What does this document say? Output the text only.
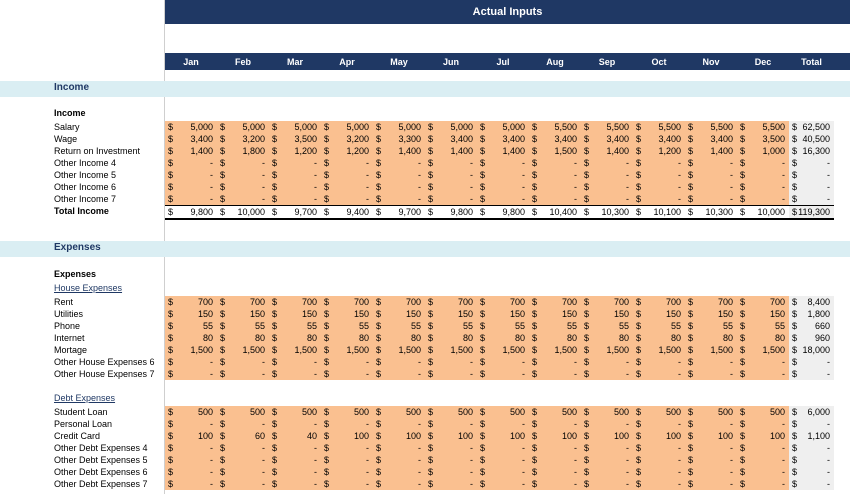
Actual Inputs
Jan	Feb	Mar	Apr	May	Jun	Jul	Aug	Sep	Oct	Nov	Dec	Total
Income
Income
Salary	$ 5,000 $ 5,000 $ 5,000 $ 5,000 $ 5,000 $ 5,000 $ 5,000 $ 5,500 $ 5,500 $ 5,500 $ 5,500 $ 5,500 $ 62,500
Wage	$ 3,400 $ 3,200 $ 3,500 $ 3,200 $ 3,300 $ 3,400 $ 3,400 $ 3,400 $ 3,400 $ 3,400 $ 3,400 $ 3,500 $ 40,500
Return on Investment	$ 1,400 $ 1,800 $ 1,200 $ 1,200 $ 1,400 $ 1,400 $ 1,400 $ 1,500 $ 1,400 $ 1,200 $ 1,400 $ 1,000 $ 16,300
Other Income 4	$	- $	- $	- $	- $	- $	- $	- $	- $	- $	- $	- $	- $	-
Other Income 5	$	- $	- $	- $	- $	- $	- $	- $	- $	- $	- $	- $	- $	-
Other Income 6	$	- $	- $	- $	- $	- $	- $	- $	- $	- $	- $	- $	- $	-
Other Income 7	$	- $	- $	- $	- $	- $	- $	- $	- $	- $	- $	- $	- $	-
Total Income	$ 9,800 $ 10,000 $ 9,700 $ 9,400 $ 9,700 $ 9,800 $ 9,800 $ 10,400 $ 10,300 $ 10,100 $ 10,300 $ 10,000 $ 119,300
Expenses
Expenses
House Expenses
Rent	$	700 $	700 $	700 $	700 $	700 $	700 $	700 $	700 $	700 $	700 $	700 $	700 $ 8,400
Utilities	$	150 $	150 $	150 $	150 $	150 $	150 $	150 $	150 $	150 $	150 $	150 $	150 $ 1,800
Phone	$	55 $	55 $	55 $	55 $	55 $	55 $	55 $	55 $	55 $	55 $	55 $	55 $ 660
Internet	$	80 $	80 $	80 $	80 $	80 $	80 $	80 $	80 $	80 $	80 $	80 $	80 $ 960
Mortage	$ 1,500 $ 1,500 $ 1,500 $ 1,500 $ 1,500 $ 1,500 $ 1,500 $ 1,500 $ 1,500 $ 1,500 $ 1,500 $ 1,500 $ 18,000
Other House Expenses 6 $	- $	- $	- $	- $	- $	- $	- $	- $	- $	- $	- $	- $	-
Other House Expenses 7 $	- $	- $	- $	- $	- $	- $	- $	- $	- $	- $	- $	- $	-
Debt Expenses
Student Loan	$	500 $	500 $	500 $	500 $	500 $	500 $	500 $	500 $	500 $	500 $	500 $	500 $ 6,000
Personal Loan	$	- $	- $	- $	- $	- $	- $	- $	- $	- $	- $	- $	- $	-
Credit Card	$	100 $	60 $	40 $	100 $	100 $	100 $	100 $	100 $	100 $	100 $	100 $	100 $ 1,100
Other Debt Expenses 4 $	- $	- $	- $	- $	- $	- $	- $	- $	- $	- $	- $	- $	-
Other Debt Expenses 5 $	- $	- $	- $	- $	- $	- $	- $	- $	- $	- $	- $	- $	-
Other Debt Expenses 6 $	- $	- $	- $	- $	- $	- $	- $	- $	- $	- $	- $	- $	-
Other Debt Expenses 7 $	- $	- $	- $	- $	- $	- $	- $	- $	- $	- $	- $	- $	-
